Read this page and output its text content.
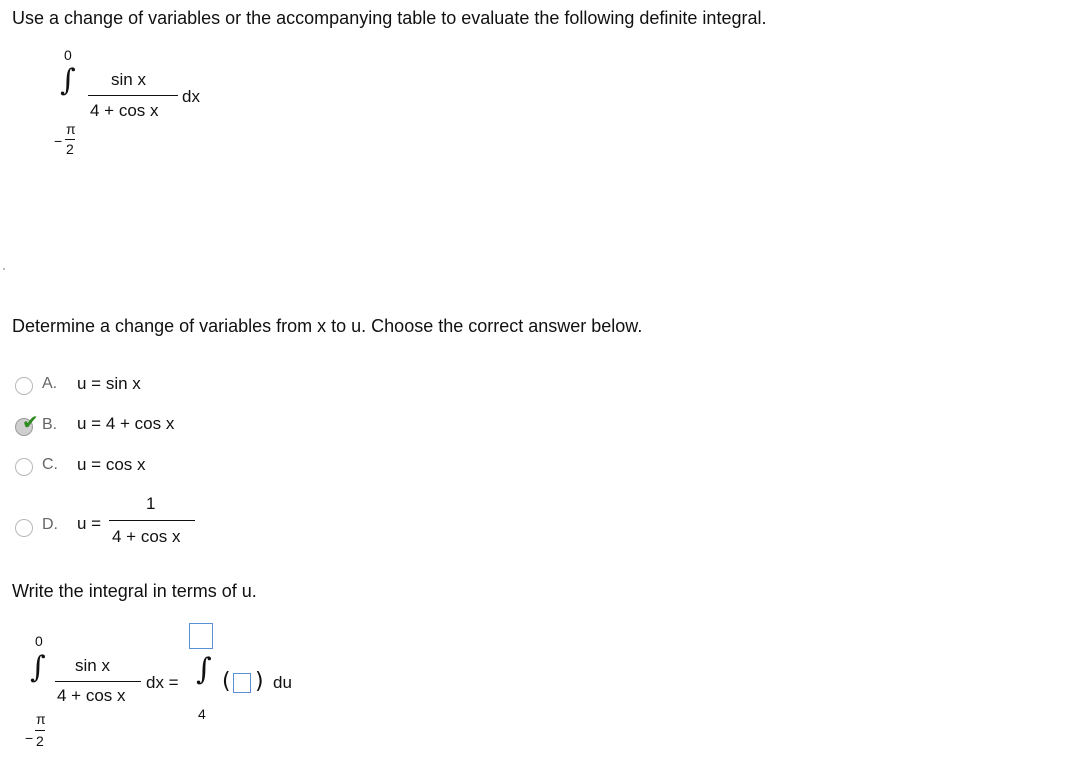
Use a change of variables or the accompanying table to evaluate the following definite integral.
0
∫ sin x
4 + cos x
dx
−
π
2
Determine a change of variables from x to u. Choose the correct answer below.
A. u = sin x
✔ B. u = 4 + cos x
C. u = cos x
D. u =
1
4 + cos x
Write the integral in terms of u.
0
∫ sin x
4 + cos x
dx =
−
π
2
∫
4
( ) du
